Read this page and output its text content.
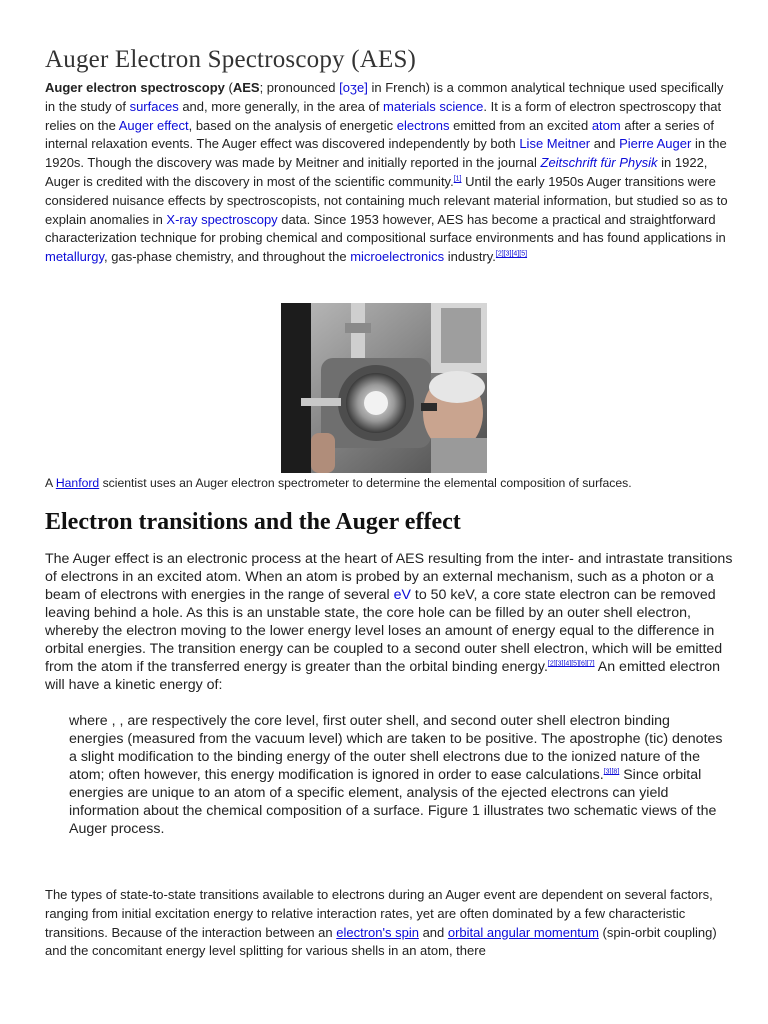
Auger Electron Spectroscopy (AES)

Auger electron spectroscopy (AES; pronounced [oʒe] in French) is a common analytical technique used specifically in the study of surfaces and, more generally, in the area of materials science. It is a form of electron spectroscopy that relies on the Auger effect, based on the analysis of energetic electrons emitted from an excited atom after a series of internal relaxation events. The Auger effect was discovered independently by both Lise Meitner and Pierre Auger in the 1920s. Though the discovery was made by Meitner and initially reported in the journal Zeitschrift für Physik in 1922, Auger is credited with the discovery in most of the scientific community.[1] Until the early 1950s Auger transitions were considered nuisance effects by spectroscopists, not containing much relevant material information, but studied so as to explain anomalies in X-ray spectroscopy data. Since 1953 however, AES has become a practical and straightforward characterization technique for probing chemical and compositional surface environments and has found applications in metallurgy, gas-phase chemistry, and throughout the microelectronics industry.[2][3][4][5]

A Hanford scientist uses an Auger electron spectrometer to determine the elemental composition of surfaces.

Electron transitions and the Auger effect

The Auger effect is an electronic process at the heart of AES resulting from the inter- and intrastate transitions of electrons in an excited atom. When an atom is probed by an external mechanism, such as a photon or a beam of electrons with energies in the range of several eV to 50 keV, a core state electron can be removed leaving behind a hole. As this is an unstable state, the core hole can be filled by an outer shell electron, whereby the electron moving to the lower energy level loses an amount of energy equal to the difference in orbital energies. The transition energy can be coupled to a second outer shell electron, which will be emitted from the atom if the transferred energy is greater than the orbital binding energy.[2][3][4][5][6][7] An emitted electron will have a kinetic energy of:

where , , are respectively the core level, first outer shell, and second outer shell electron binding energies (measured from the vacuum level) which are taken to be positive. The apostrophe (tic) denotes a slight modification to the binding energy of the outer shell electrons due to the ionized nature of the atom; often however, this energy modification is ignored in order to ease calculations.[3][8] Since orbital energies are unique to an atom of a specific element, analysis of the ejected electrons can yield information about the chemical composition of a surface. Figure 1 illustrates two schematic views of the Auger process.

The types of state-to-state transitions available to electrons during an Auger event are dependent on several factors, ranging from initial excitation energy to relative interaction rates, yet are often dominated by a few characteristic transitions. Because of the interaction between an electron's spin and orbital angular momentum (spin-orbit coupling) and the concomitant energy level splitting for various shells in an atom, there
